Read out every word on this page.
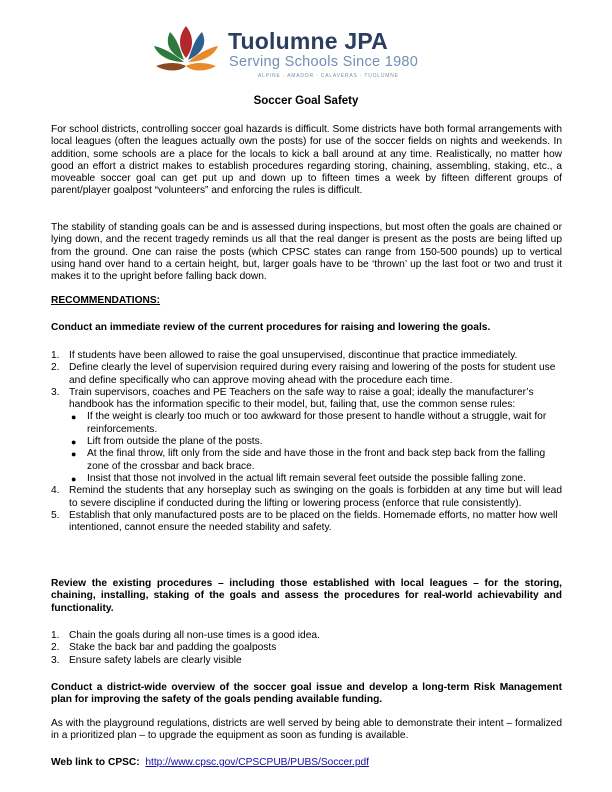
Tuolumne JPA
Serving Schools Since 1980
ALPINE · AMADOR · CALAVERAS · TUOLUMNE
Soccer Goal Safety
For school districts, controlling soccer goal hazards is difficult. Some districts have both formal arrangements with local leagues (often the leagues actually own the posts) for use of the soccer fields on nights and weekends. In addition, some schools are a place for the locals to kick a ball around at any time. Realistically, no matter how good an effort a district makes to establish procedures regarding storing, chaining, assembling, staking, etc., a moveable soccer goal can get put up and down up to fifteen times a week by fifteen different groups of parent/player goalpost “volunteers” and enforcing the rules is difficult.
The stability of standing goals can be and is assessed during inspections, but most often the goals are chained or lying down, and the recent tragedy reminds us all that the real danger is present as the posts are being lifted up from the ground. One can raise the posts (which CPSC states can range from 150-500 pounds) up to vertical using hand over hand to a certain height, but, larger goals have to be ‘thrown’ up the last foot or two and trust it makes it to the upright before falling back down.
RECOMMENDATIONS:
Conduct an immediate review of the current procedures for raising and lowering the goals.
1. If students have been allowed to raise the goal unsupervised, discontinue that practice immediately.
2. Define clearly the level of supervision required during every raising and lowering of the posts for student use and define specifically who can approve moving ahead with the procedure each time.
3. Train supervisors, coaches and PE Teachers on the safe way to raise a goal; ideally the manufacturer’s handbook has the information specific to their model, but, failing that, use the common sense rules:
● If the weight is clearly too much or too awkward for those present to handle without a struggle, wait for reinforcements.
● Lift from outside the plane of the posts.
● At the final throw, lift only from the side and have those in the front and back step back from the falling zone of the crossbar and back brace.
● Insist that those not involved in the actual lift remain several feet outside the possible falling zone.
4. Remind the students that any horseplay such as swinging on the goals is forbidden at any time but will lead to severe discipline if conducted during the lifting or lowering process (enforce that rule consistently).
5. Establish that only manufactured posts are to be placed on the fields. Homemade efforts, no matter how well intentioned, cannot ensure the needed stability and safety.
Review the existing procedures – including those established with local leagues – for the storing, chaining, installing, staking of the goals and assess the procedures for real-world achievability and functionality.
1. Chain the goals during all non-use times is a good idea.
2. Stake the back bar and padding the goalposts
3. Ensure safety labels are clearly visible
Conduct a district-wide overview of the soccer goal issue and develop a long-term Risk Management plan for improving the safety of the goals pending available funding.
As with the playground regulations, districts are well served by being able to demonstrate their intent – formalized in a prioritized plan – to upgrade the equipment as soon as funding is available.
Web link to CPSC: http://www.cpsc.gov/CPSCPUB/PUBS/Soccer.pdf
